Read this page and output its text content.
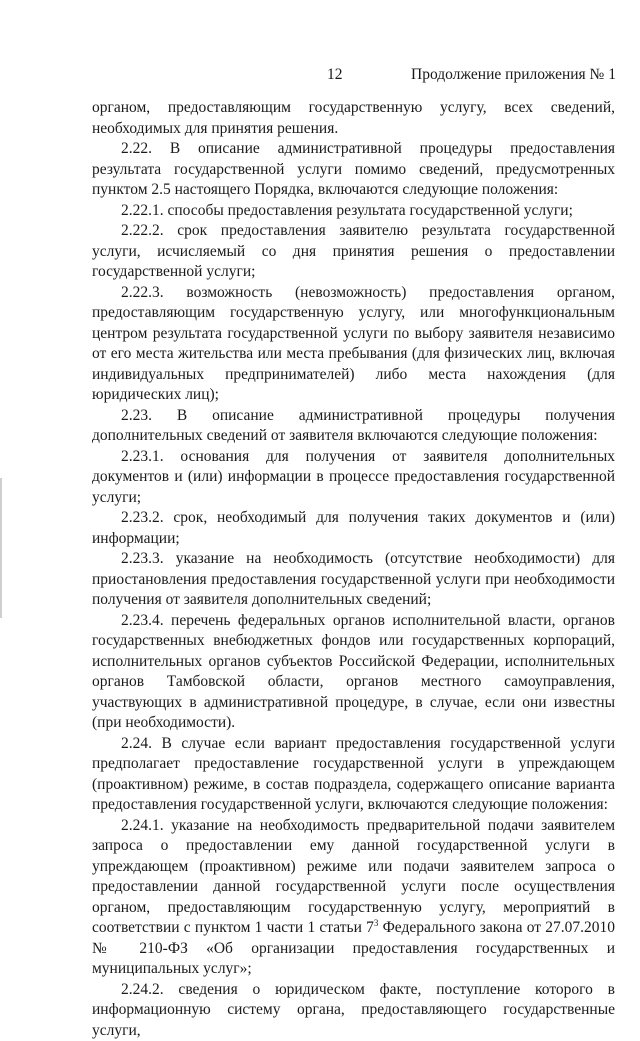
12	Продолжение приложения № 1

органом, предоставляющим государственную услугу, всех сведений, необходимых для принятия решения.

2.22. В описание административной процедуры предоставления результата государственной услуги помимо сведений, предусмотренных пунктом 2.5 настоящего Порядка, включаются следующие положения:

2.22.1. способы предоставления результата государственной услуги;

2.22.2. срок предоставления заявителю результата государственной услуги, исчисляемый со дня принятия решения о предоставлении государственной услуги;

2.22.3. возможность (невозможность) предоставления органом, предоставляющим государственную услугу, или многофункциональным центром результата государственной услуги по выбору заявителя независимо от его места жительства или места пребывания (для физических лиц, включая индивидуальных предпринимателей) либо места нахождения (для юридических лиц);

2.23. В описание административной процедуры получения дополнительных сведений от заявителя включаются следующие положения:

2.23.1. основания для получения от заявителя дополнительных документов и (или) информации в процессе предоставления государственной услуги;

2.23.2. срок, необходимый для получения таких документов и (или) информации;

2.23.3. указание на необходимость (отсутствие необходимости) для приостановления предоставления государственной услуги при необходимости получения от заявителя дополнительных сведений;

2.23.4. перечень федеральных органов исполнительной власти, органов государственных внебюджетных фондов или государственных корпораций, исполнительных органов субъектов Российской Федерации, исполнительных органов Тамбовской области, органов местного самоуправления, участвующих в административной процедуре, в случае, если они известны (при необходимости).

2.24. В случае если вариант предоставления государственной услуги предполагает предоставление государственной услуги в упреждающем (проактивном) режиме, в состав подраздела, содержащего описание варианта предоставления государственной услуги, включаются следующие положения:

2.24.1. указание на необходимость предварительной подачи заявителем запроса о предоставлении ему данной государственной услуги в упреждающем (проактивном) режиме или подачи заявителем запроса о предоставлении данной государственной услуги после осуществления органом, предоставляющим государственную услугу, мероприятий в соответствии с пунктом 1 части 1 статьи $7^3$ Федерального закона от 27.07.2010 № 210-ФЗ «Об организации предоставления государственных и муниципальных услуг»;

2.24.2. сведения о юридическом факте, поступление которого в информационную систему органа, предоставляющего государственные услуги,
